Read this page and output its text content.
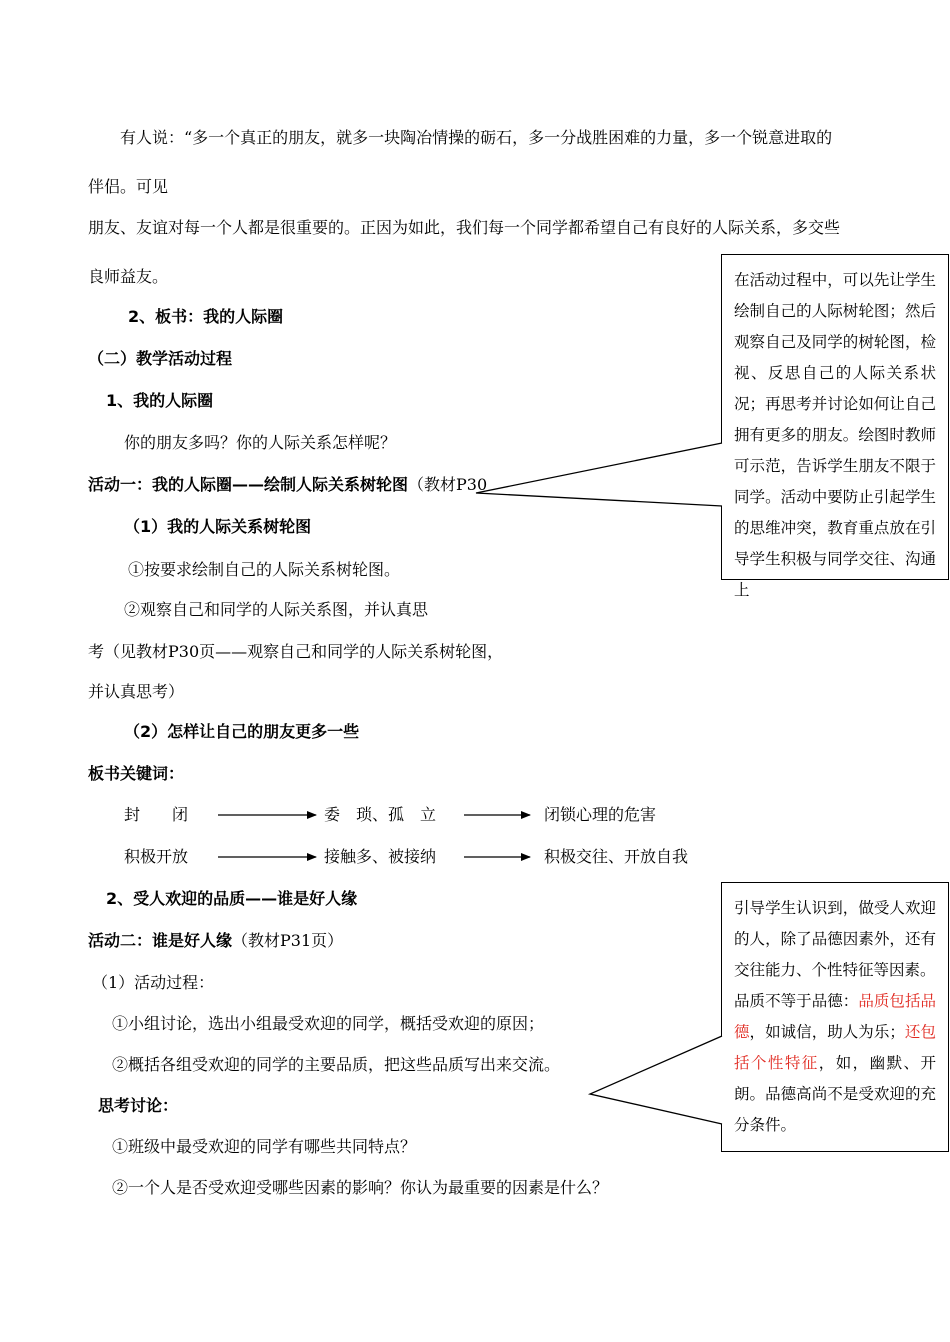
有人说：“多一个真正的朋友，就多一块陶冶情操的砺石，多一分战胜困难的力量，多一个锐意进取的
伴侣。可见
朋友、友谊对每一个人都是很重要的。正因为如此，我们每一个同学都希望自己有良好的人际关系，多交些
良师益友。
2、板书：我的人际圈
（二）教学活动过程
1、我的人际圈
你的朋友多吗？你的人际关系怎样呢？
活动一：我的人际圈——绘制人际关系树轮图（教材P30
（1）我的人际关系树轮图
①按要求绘制自己的人际关系树轮图。
②观察自己和同学的人际关系图，并认真思
考（见教材P30页——观察自己和同学的人际关系树轮图，
并认真思考）
（2）怎样让自己的朋友更多一些
板书关键词：
封　　闭	委　琐、孤　立	闭锁心理的危害
积极开放	接触多、被接纳	积极交往、开放自我
2、受人欢迎的品质——谁是好人缘
活动二：谁是好人缘（教材P31页）
（1）活动过程：
①小组讨论，选出小组最受欢迎的同学，概括受欢迎的原因；
②概括各组受欢迎的同学的主要品质，把这些品质写出来交流。
思考讨论：
①班级中最受欢迎的同学有哪些共同特点？
②一个人是否受欢迎受哪些因素的影响？你认为最重要的因素是什么？
在活动过程中，可以先让学生绘制自己的人际树轮图；然后观察自己及同学的树轮图，检视、反思自己的人际关系状况；再思考并讨论如何让自己拥有更多的朋友。绘图时教师可示范，告诉学生朋友不限于同学。活动中要防止引起学生的思维冲突，教育重点放在引导学生积极与同学交往、沟通上
引导学生认识到，做受人欢迎的人，除了品德因素外，还有交往能力、个性特征等因素。
品质不等于品德：品质包括品德，如诚信，助人为乐；还包括个性特征，如，幽默、开朗。品德高尚不是受欢迎的充分条件。
